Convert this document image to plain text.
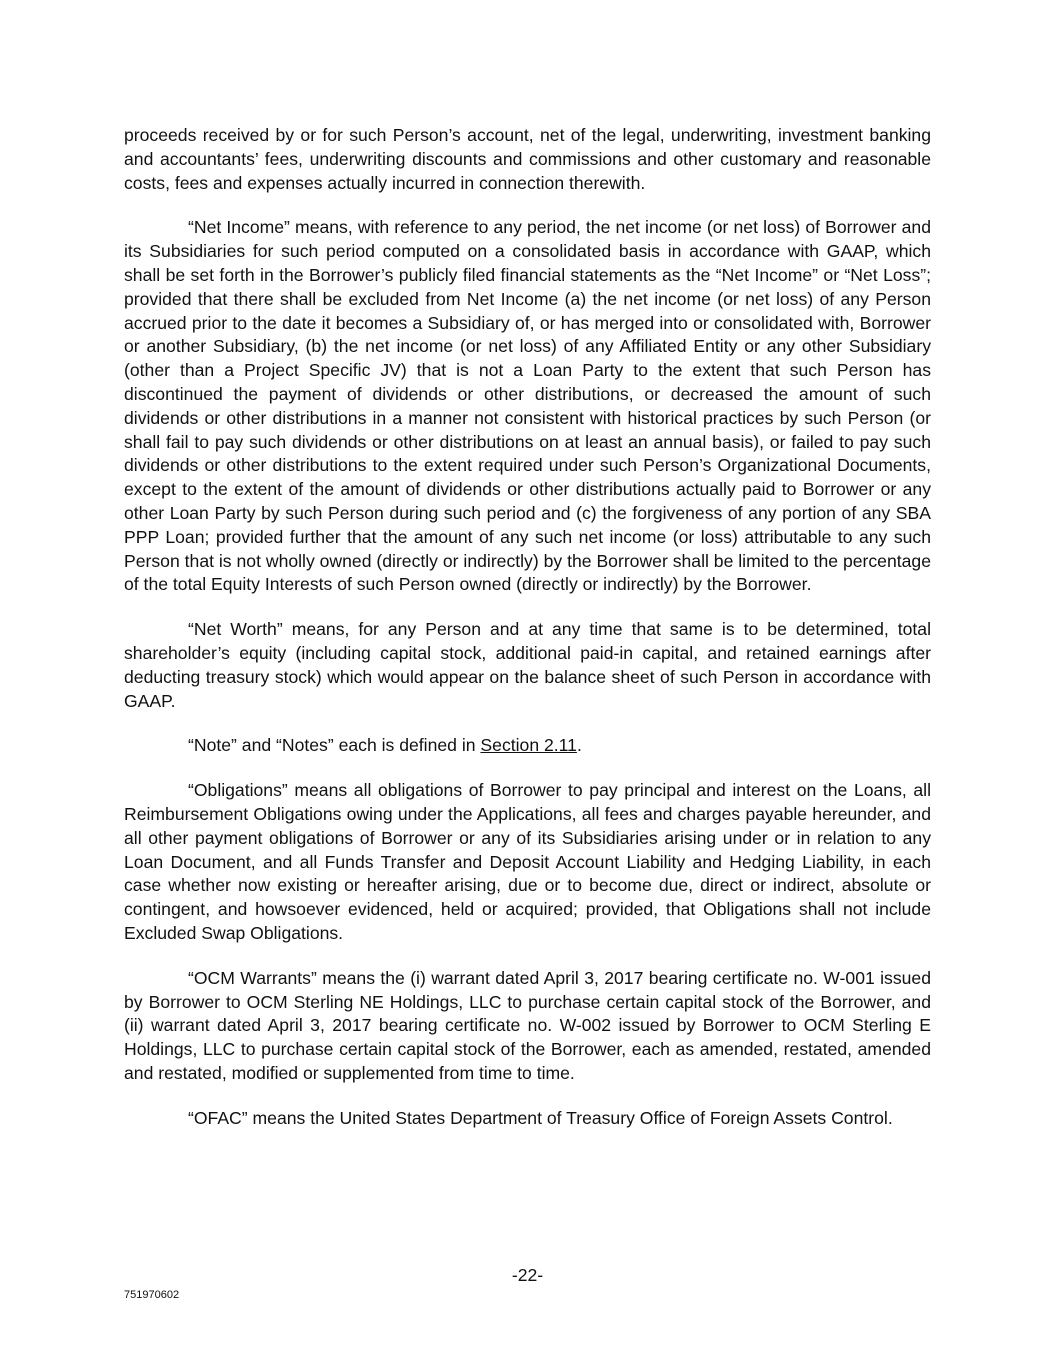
proceeds received by or for such Person’s account, net of the legal, underwriting, investment banking and accountants’ fees, underwriting discounts and commissions and other customary and reasonable costs, fees and expenses actually incurred in connection therewith.

“Net Income” means, with reference to any period, the net income (or net loss) of Borrower and its Subsidiaries for such period computed on a consolidated basis in accordance with GAAP, which shall be set forth in the Borrower’s publicly filed financial statements as the “Net Income” or “Net Loss”; provided that there shall be excluded from Net Income (a) the net income (or net loss) of any Person accrued prior to the date it becomes a Subsidiary of, or has merged into or consolidated with, Borrower or another Subsidiary, (b) the net income (or net loss) of any Affiliated Entity or any other Subsidiary (other than a Project Specific JV) that is not a Loan Party to the extent that such Person has discontinued the payment of dividends or other distributions, or decreased the amount of such dividends or other distributions in a manner not consistent with historical practices by such Person (or shall fail to pay such dividends or other distributions on at least an annual basis), or failed to pay such dividends or other distributions to the extent required under such Person’s Organizational Documents, except to the extent of the amount of dividends or other distributions actually paid to Borrower or any other Loan Party by such Person during such period and (c) the forgiveness of any portion of any SBA PPP Loan; provided further that the amount of any such net income (or loss) attributable to any such Person that is not wholly owned (directly or indirectly) by the Borrower shall be limited to the percentage of the total Equity Interests of such Person owned (directly or indirectly) by the Borrower.

“Net Worth” means, for any Person and at any time that same is to be determined, total shareholder’s equity (including capital stock, additional paid-in capital, and retained earnings after deducting treasury stock) which would appear on the balance sheet of such Person in accordance with GAAP.

“Note” and “Notes” each is defined in Section 2.11.

“Obligations” means all obligations of Borrower to pay principal and interest on the Loans, all Reimbursement Obligations owing under the Applications, all fees and charges payable hereunder, and all other payment obligations of Borrower or any of its Subsidiaries arising under or in relation to any Loan Document, and all Funds Transfer and Deposit Account Liability and Hedging Liability, in each case whether now existing or hereafter arising, due or to become due, direct or indirect, absolute or contingent, and howsoever evidenced, held or acquired; provided, that Obligations shall not include Excluded Swap Obligations.

“OCM Warrants” means the (i) warrant dated April 3, 2017 bearing certificate no. W-001 issued by Borrower to OCM Sterling NE Holdings, LLC to purchase certain capital stock of the Borrower, and (ii) warrant dated April 3, 2017 bearing certificate no. W-002 issued by Borrower to OCM Sterling E Holdings, LLC to purchase certain capital stock of the Borrower, each as amended, restated, amended and restated, modified or supplemented from time to time.

“OFAC” means the United States Department of Treasury Office of Foreign Assets Control.

-22-
751970602
